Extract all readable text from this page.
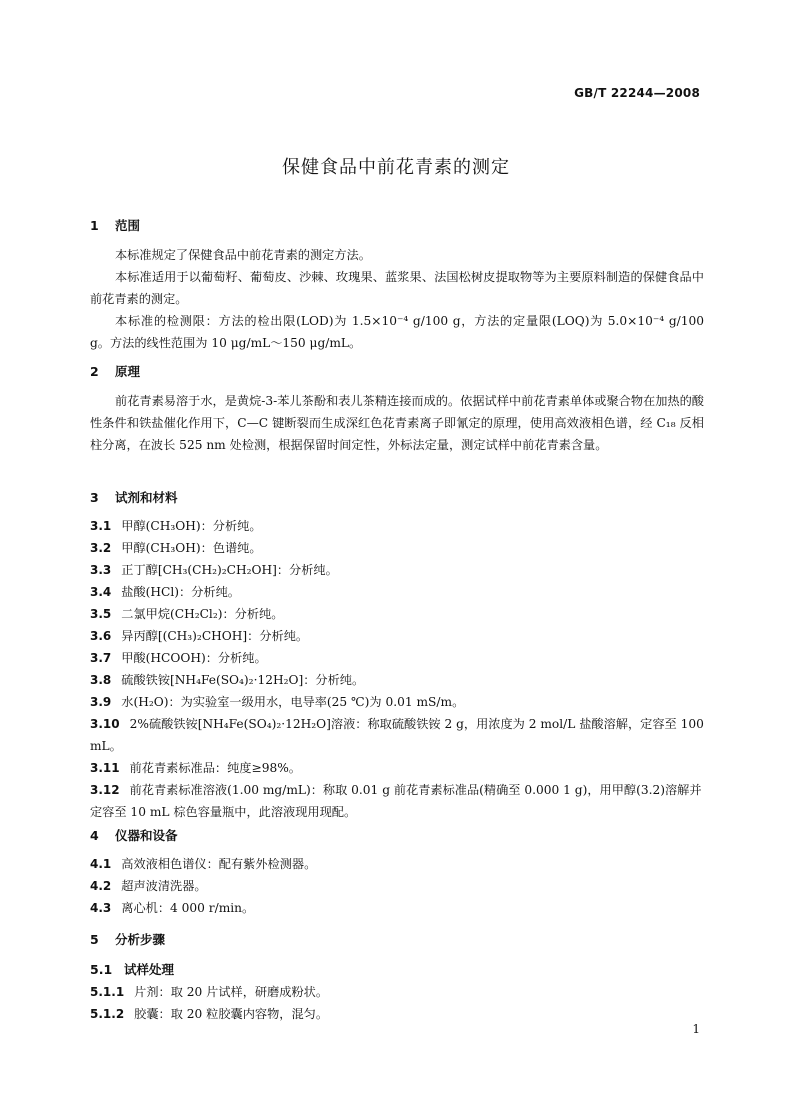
GB/T 22244—2008
保健食品中前花青素的测定
1 范围

本标准规定了保健食品中前花青素的测定方法。

本标准适用于以葡萄籽、葡萄皮、沙棘、玫瑰果、蓝浆果、法国松树皮提取物等为主要原料制造的保健食品中前花青素的测定。

本标准的检测限：方法的检出限(LOD)为 1.5×10⁻⁴ g/100 g，方法的定量限(LOQ)为 5.0×10⁻⁴ g/100 g。方法的线性范围为 10 μg/mL～150 μg/mL。

2 原理

前花青素易溶于水，是黄烷-3-苯儿茶酚和表儿茶精连接而成的。依据试样中前花青素单体或聚合物在加热的酸性条件和铁盐催化作用下，C—C 键断裂而生成深红色花青素离子即氰定的原理，使用高效液相色谱，经 C₁₈ 反相柱分离，在波长 525 nm 处检测，根据保留时间定性，外标法定量，测定试样中前花青素含量。

3 试剂和材料
3.1 甲醇(CH₃OH)：分析纯。
3.2 甲醇(CH₃OH)：色谱纯。
3.3 正丁醇[CH₃(CH₂)₂CH₂OH]：分析纯。
3.4 盐酸(HCl)：分析纯。
3.5 二氯甲烷(CH₂Cl₂)：分析纯。
3.6 异丙醇[(CH₃)₂CHOH]：分析纯。
3.7 甲酸(HCOOH)：分析纯。
3.8 硫酸铁铵[NH₄Fe(SO₄)₂·12H₂O]：分析纯。
3.9 水(H₂O)：为实验室一级用水，电导率(25 ℃)为 0.01 mS/m。
3.10 2%硫酸铁铵[NH₄Fe(SO₄)₂·12H₂O]溶液：称取硫酸铁铵 2 g，用浓度为 2 mol/L 盐酸溶解，定容至 100 mL。
3.11 前花青素标准品：纯度≥98%。
3.12 前花青素标准溶液(1.00 mg/mL)：称取 0.01 g 前花青素标准品(精确至 0.000 1 g)，用甲醇(3.2)溶解并定容至 10 mL 棕色容量瓶中，此溶液现用现配。
4 仪器和设备
4.1 高效液相色谱仪：配有紫外检测器。
4.2 超声波清洗器。
4.3 离心机：4 000 r/min。
5 分析步骤
5.1 试样处理
5.1.1 片剂：取 20 片试样，研磨成粉状。
5.1.2 胶囊：取 20 粒胶囊内容物，混匀。
1
